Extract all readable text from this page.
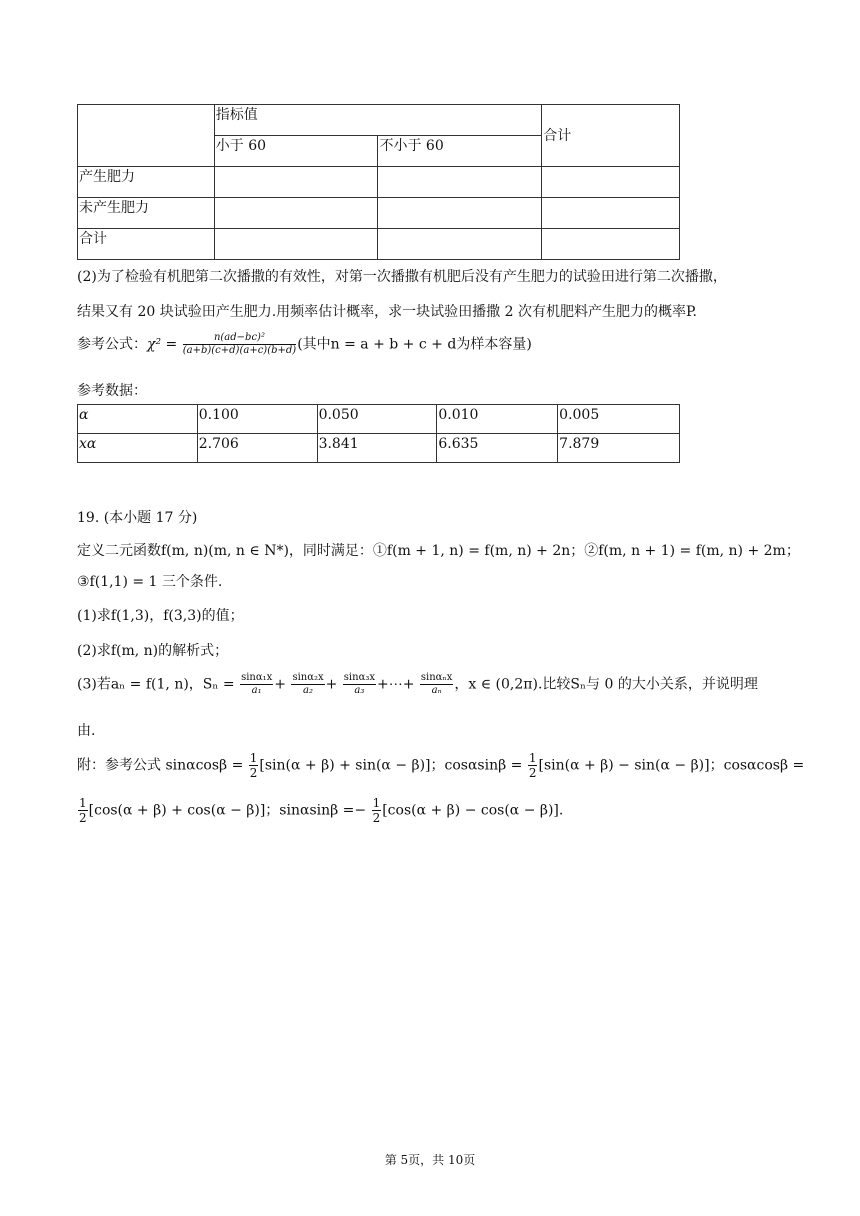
	指标值		合计
	小于 60	不小于 60	
产生肥力			
未产生肥力			
合计			
(2)为了检验有机肥第二次播撒的有效性，对第一次播撒有机肥后没有产生肥力的试验田进行第二次播撒，
结果又有 20 块试验田产生肥力.用频率估计概率，求一块试验田播撒 2 次有机肥料产生肥力的概率P.
参考公式：$\chi^2 = \frac{\text{n(ad−bc)²}}{(a+b)(c+d)(a+c)(b+d)}$ (其中n = a + b + c + d为样本容量)
参考数据：
α	0.100	0.050	0.010	0.005
xα	2.706	3.841	6.635	7.879
19. (本小题 17 分)
定义二元函数f(m, n)(m, n ∈ N*)，同时满足：①f(m + 1, n) = f(m, n) + 2n；②f(m, n + 1) = f(m, n) + 2m；
③f(1,1) = 1 三个条件.
(1)求f(1,3)，f(3,3)的值；
(2)求f(m, n)的解析式；
(3)若aₙ = f(1, n)，$S_n = \frac{\text{sinα₁x}}{\text{a₁}} + \frac{\text{sinα₂x}}{\text{a₂}} + \frac{\text{sinα₃x}}{\text{a₃}}$ +⋯+ $\frac{\text{sinαₙx}}{\text{aₙ}}$ ，x ∈ (0,2π).比较Sₙ与 0 的大小关系，并说明理
由.
附：参考公式 $\sin\alpha\cos\beta = \frac{1}{2} [\sin(\alpha + \beta) + \sin(\alpha - \beta)]$；$\cos\alpha\sin\beta = \frac{1}{2} [\sin(\alpha + \beta) - \sin(\alpha - \beta)]$；cosαcosβ =
$\frac{1}{2} [\cos(\alpha + \beta) + \cos(\alpha - \beta)]$；$\sin\alpha\sin\beta =- \frac{1}{2} [\cos(\alpha + \beta) - \cos(\alpha - \beta)]$.
第 5页，共 10页
